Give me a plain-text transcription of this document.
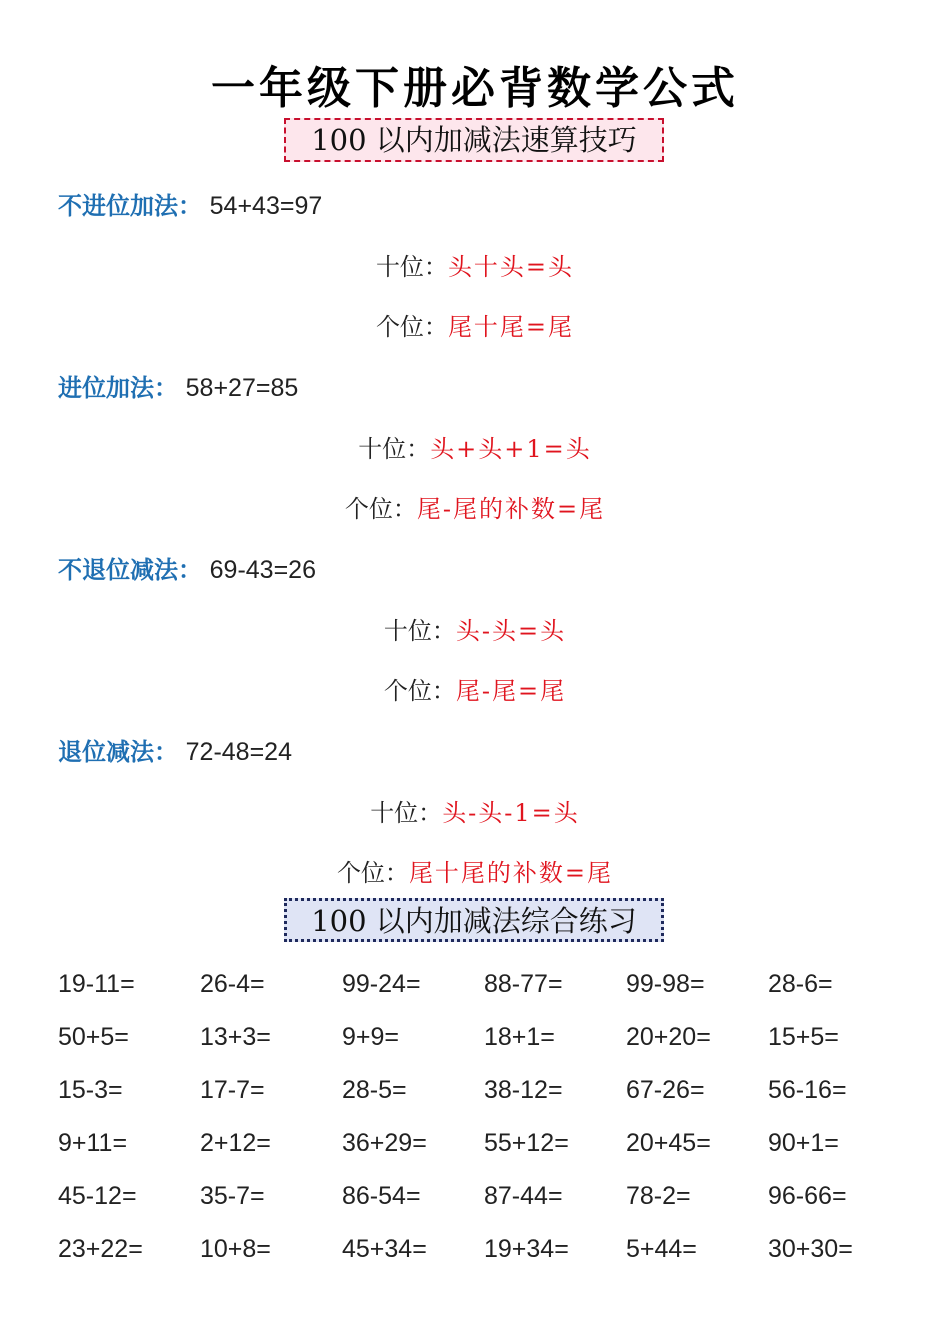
一年级下册必背数学公式
100 以内加减法速算技巧
不进位加法： 54+43=97
十位：头十头=头
个位：尾十尾=尾
进位加法： 58+27=85
十位：头+头+1=头
个位：尾-尾的补数=尾
不退位减法： 69-43=26
十位：头-头=头
个位：尾-尾=尾
退位减法： 72-48=24
十位：头-头-1=头
个位：尾十尾的补数=尾
100 以内加减法综合练习
19-11=	26-4=	99-24=	88-77=	99-98=	28-6=
50+5=	13+3=	9+9=	18+1=	20+20=	15+5=
15-3=	17-7=	28-5=	38-12=	67-26=	56-16=
9+11=	2+12=	36+29=	55+12=	20+45=	90+1=
45-12=	35-7=	86-54=	87-44=	78-2=	96-66=
23+22=	10+8=	45+34=	19+34=	5+44=	30+30=
